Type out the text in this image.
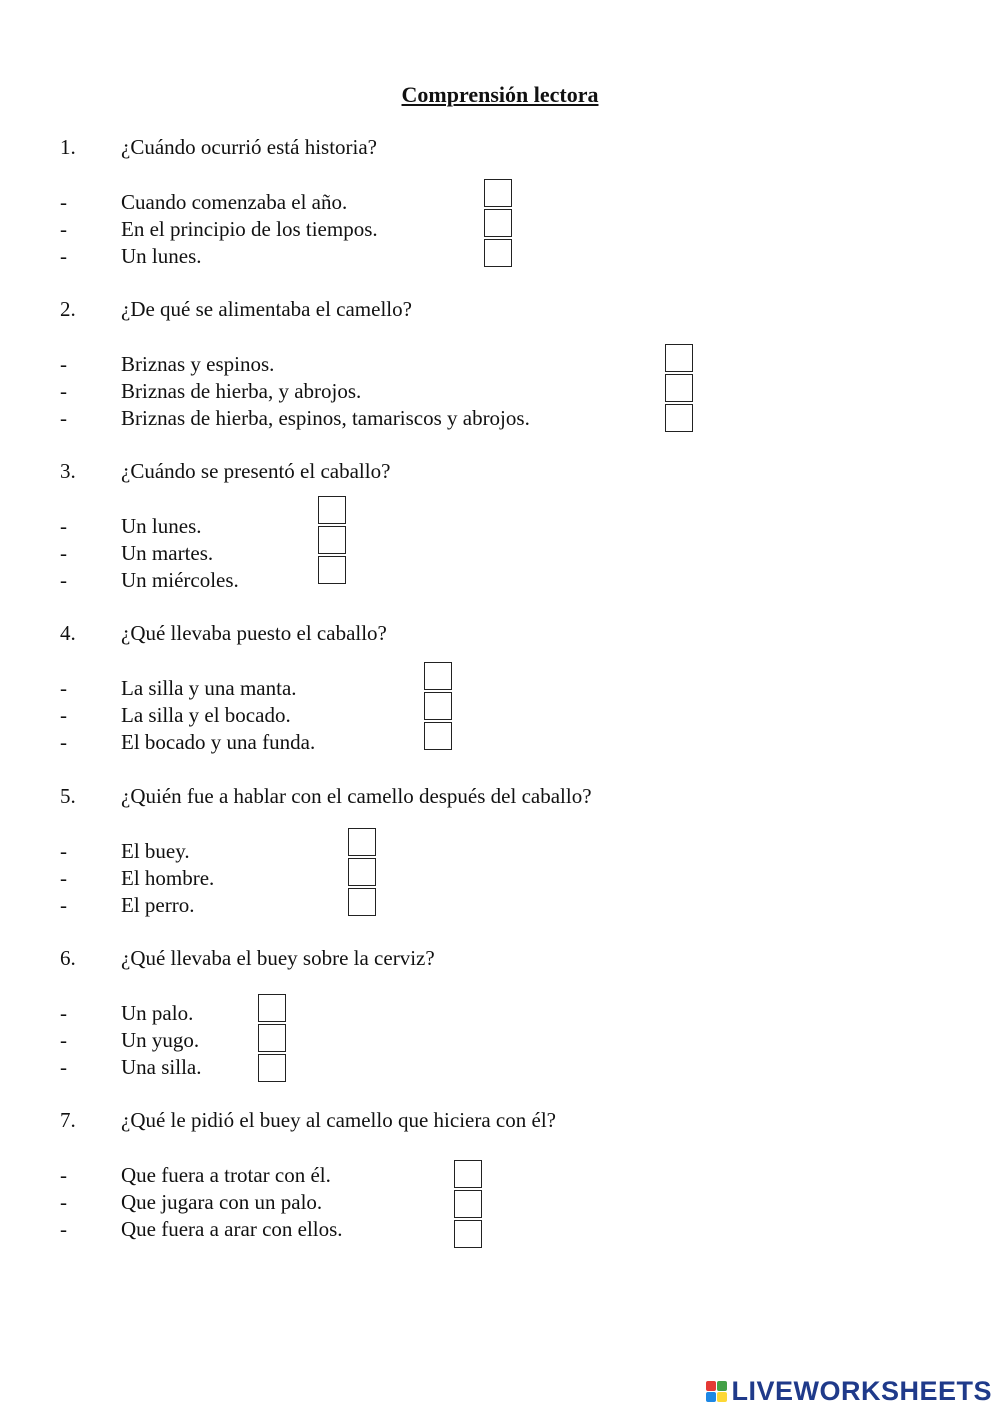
Comprensión lectora
1. ¿Cuándo ocurrió está historia?
-	Cuando comenzaba el año.
-	En el principio de los tiempos.
-	Un lunes.
2. ¿De qué se alimentaba el camello?
-	Briznas y espinos.
-	Briznas de hierba, y abrojos.
-	Briznas de hierba, espinos, tamariscos y abrojos.
3. ¿Cuándo se presentó el caballo?
-	Un lunes.
-	Un martes.
-	Un miércoles.
4. ¿Qué llevaba puesto el caballo?
-	La silla y una manta.
-	La silla y el bocado.
-	El bocado y una funda.
5. ¿Quién fue a hablar con el camello después del caballo?
-	El buey.
-	El hombre.
-	El perro.
6. ¿Qué llevaba el buey sobre la cerviz?
-	Un palo.
-	Un yugo.
-	Una silla.
7. ¿Qué le pidió el buey al camello que hiciera con él?
-	Que fuera a trotar con él.
-	Que jugara con un palo.
-	Que fuera a arar con ellos.
LIVEWORKSHEETS
